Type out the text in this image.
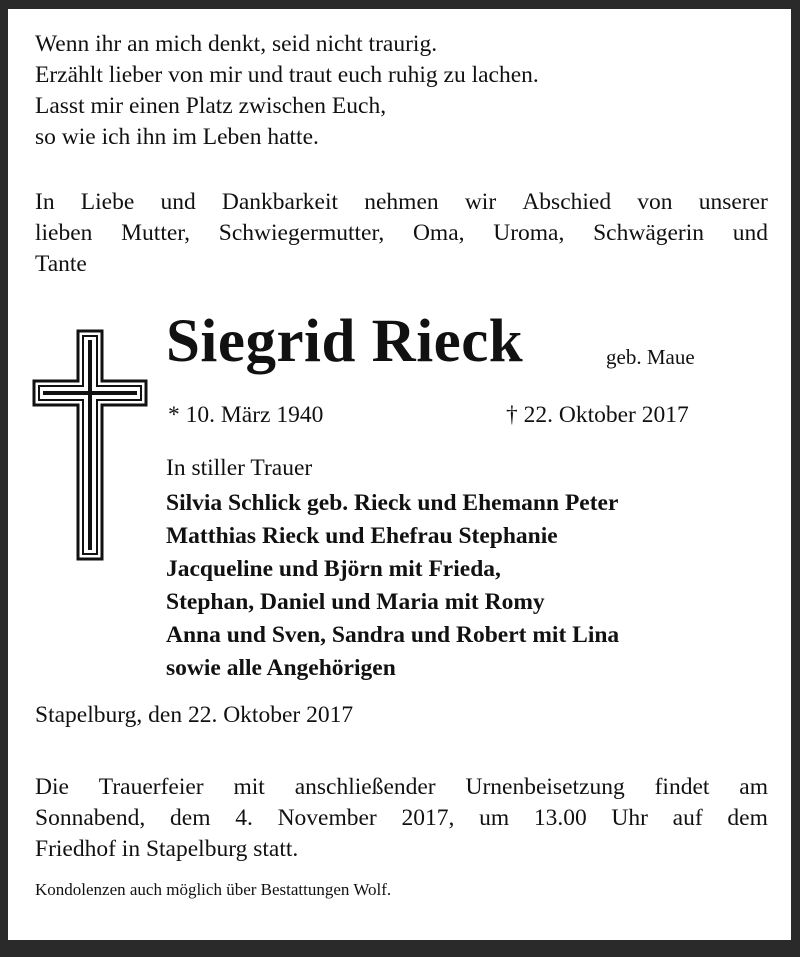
Wenn ihr an mich denkt, seid nicht traurig.
Erzählt lieber von mir und traut euch ruhig zu lachen.
Lasst mir einen Platz zwischen Euch,
so wie ich ihn im Leben hatte.
In Liebe und Dankbarkeit nehmen wir Abschied von unserer
lieben Mutter, Schwiegermutter, Oma, Uroma, Schwägerin und
Tante
Siegrid Rieck	geb. Maue
* 10. März 1940	† 22. Oktober 2017
In stiller Trauer
Silvia Schlick geb. Rieck und Ehemann Peter
Matthias Rieck und Ehefrau Stephanie
Jacqueline und Björn mit Frieda,
Stephan, Daniel und Maria mit Romy
Anna und Sven, Sandra und Robert mit Lina
sowie alle Angehörigen
Stapelburg, den 22. Oktober 2017
Die Trauerfeier mit anschließender Urnenbeisetzung findet am
Sonnabend, dem 4. November 2017, um 13.00 Uhr auf dem
Friedhof in Stapelburg statt.
Kondolenzen auch möglich über Bestattungen Wolf.
